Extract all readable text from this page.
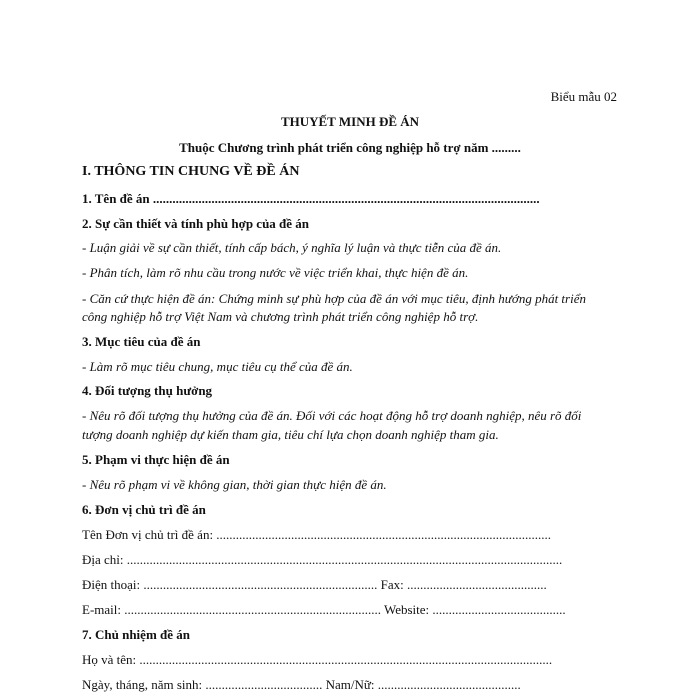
Biểu mẫu 02
THUYẾT MINH ĐỀ ÁN
Thuộc Chương trình phát triển công nghiệp hỗ trợ năm .........
I. THÔNG TIN CHUNG VỀ ĐỀ ÁN
1. Tên đề án .......................................................................................................................
2. Sự cần thiết và tính phù hợp của đề án
- Luận giải về sự cần thiết, tính cấp bách, ý nghĩa lý luận và thực tiễn của đề án.
- Phân tích, làm rõ nhu cầu trong nước về việc triển khai, thực hiện đề án.
- Căn cứ thực hiện đề án: Chứng minh sự phù hợp của đề án với mục tiêu, định hướng phát triển
công nghiệp hỗ trợ Việt Nam và chương trình phát triển công nghiệp hỗ trợ.
3. Mục tiêu của đề án
- Làm rõ mục tiêu chung, mục tiêu cụ thể của đề án.
4. Đối tượng thụ hưởng
- Nêu rõ đối tượng thụ hưởng của đề án. Đối với các hoạt động hỗ trợ doanh nghiệp, nêu rõ đối
tượng doanh nghiệp dự kiến tham gia, tiêu chí lựa chọn doanh nghiệp tham gia.
5. Phạm vi thực hiện đề án
- Nêu rõ phạm vi về không gian, thời gian thực hiện đề án.
6. Đơn vị chủ trì đề án
Tên Đơn vị chủ trì đề án: .......................................................................................................
Địa chỉ: ......................................................................................................................................
Điện thoại: ........................................................................ Fax: ...........................................
E-mail: ............................................................................... Website: .........................................
7. Chủ nhiệm đề án
Họ và tên: ...............................................................................................................................
Ngày, tháng, năm sinh: .................................... Nam/Nữ: ............................................
